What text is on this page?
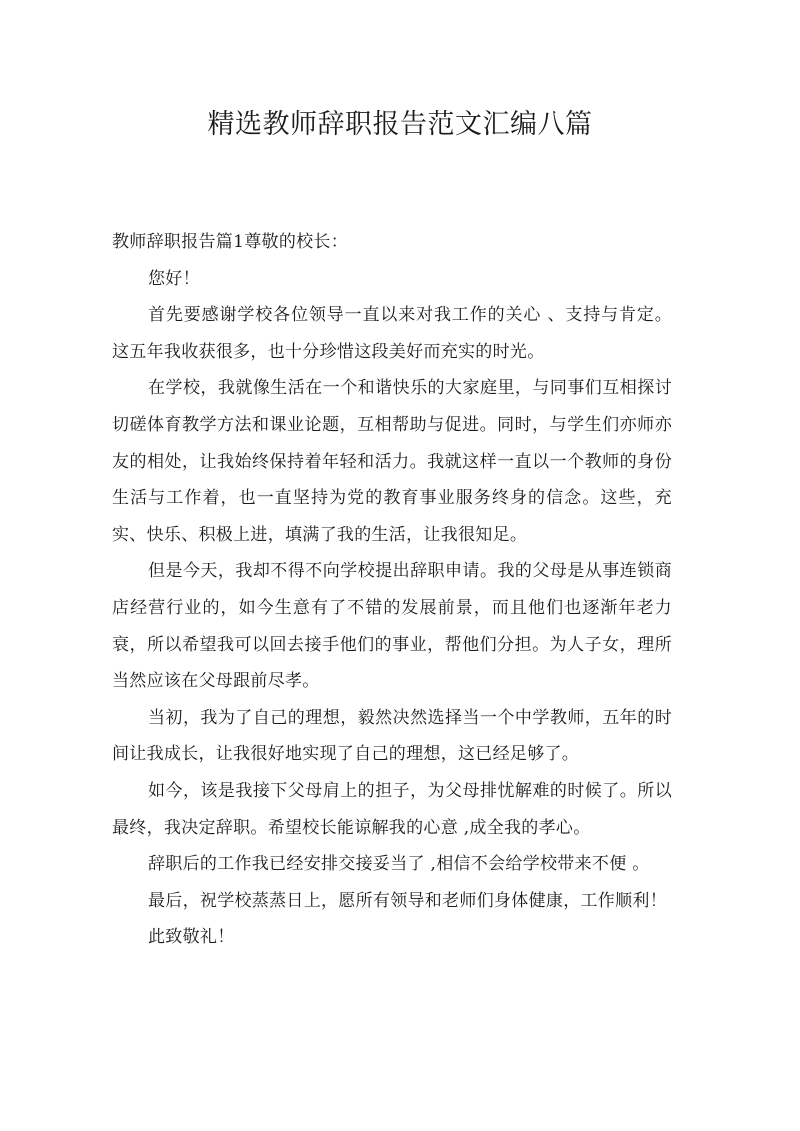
精选教师辞职报告范文汇编八篇

教师辞职报告篇1尊敬的校长：

您好！

首先要感谢学校各位领导一直以来对我工作的关心 、支持与肯定。这五年我收获很多，也十分珍惜这段美好而充实的时光。

在学校，我就像生活在一个和谐快乐的大家庭里，与同事们互相探讨切磋体育教学方法和课业论题，互相帮助与促进。同时，与学生们亦师亦友的相处，让我始终保持着年轻和活力。我就这样一直以一个教师的身份生活与工作着，也一直坚持为党的教育事业服务终身的信念。这些，充实、快乐、积极上进，填满了我的生活，让我很知足。

但是今天，我却不得不向学校提出辞职申请。我的父母是从事连锁商店经营行业的，如今生意有了不错的发展前景，而且他们也逐渐年老力衰，所以希望我可以回去接手他们的事业，帮他们分担。为人子女，理所当然应该在父母跟前尽孝。

当初，我为了自己的理想，毅然决然选择当一个中学教师，五年的时间让我成长，让我很好地实现了自己的理想，这已经足够了。

如今，该是我接下父母肩上的担子，为父母排忧解难的时候了。所以最终，我决定辞职。希望校长能谅解我的心意 ,成全我的孝心。

辞职后的工作我已经安排交接妥当了 ,相信不会给学校带来不便 。

最后，祝学校蒸蒸日上，愿所有领导和老师们身体健康，工作顺利！

此致敬礼！
